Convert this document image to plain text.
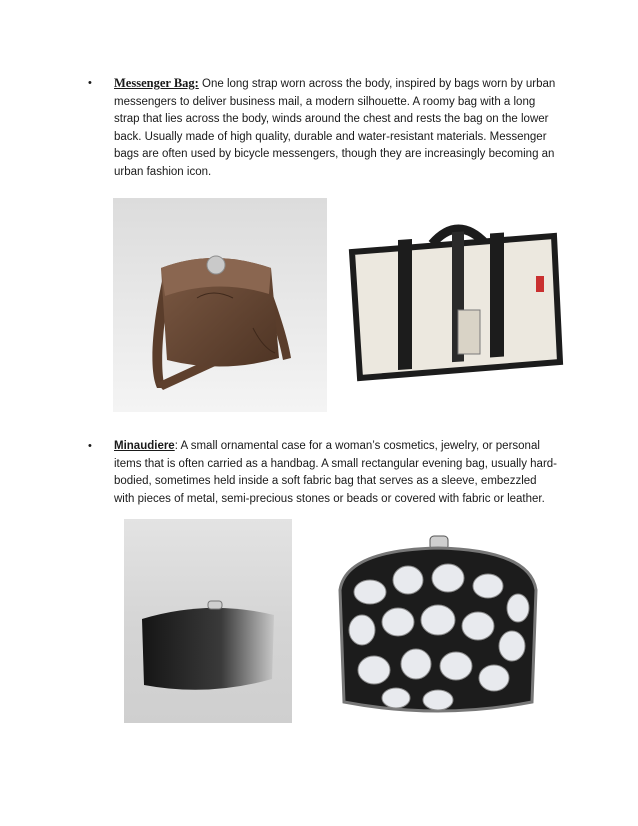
• Messenger Bag: One long strap worn across the body, inspired by bags worn by urban messengers to deliver business mail, a modern silhouette. A roomy bag with a long strap that lies across the body, winds around the chest and rests the bag on the lower back. Usually made of high quality, durable and water-resistant materials. Messenger bags are often used by bicycle messengers, though they are increasingly becoming an urban fashion icon.
• Minaudiere: A small ornamental case for a woman’s cosmetics, jewelry, or personal items that is often carried as a handbag. A small rectangular evening bag, usually hard-bodied, sometimes held inside a soft fabric bag that serves as a sleeve, embezzled with pieces of metal, semi-precious stones or beads or covered with fabric or leather.
